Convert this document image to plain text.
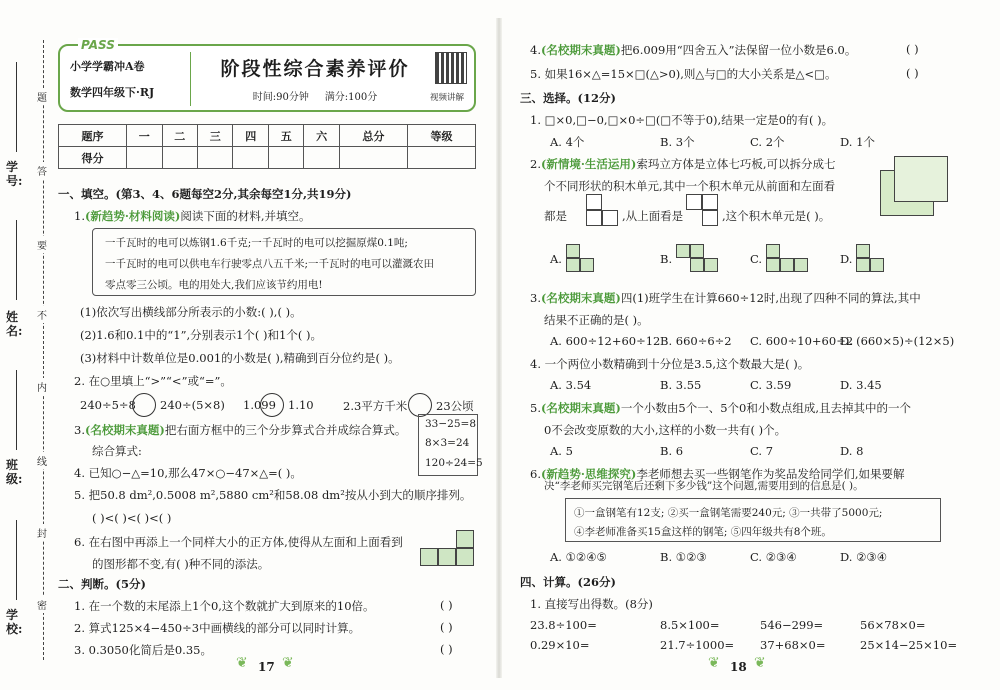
题
答
要
不
内
线
封
密
学号:
姓名:
班级:
学校:
PASS
小学学霸冲A卷
数学四年级下·RJ
阶段性综合素养评价
时间:90分钟 满分:100分	视频讲解
题序	一	二	三	四	五	六	总分	等级
得分								
一、填空。(第3、4、6题每空2分,其余每空1分,共19分)
1.(新趋势·材料阅读)阅读下面的材料,并填空。
一千瓦时的电可以炼钢1.6千克;一千瓦时的电可以挖掘原煤0.1吨;
一千瓦时的电可以供电车行驶零点八五千米;一千瓦时的电可以灌溉农田
零点零三公顷。电的用处大,我们应该节约用电!
(1)依次写出横线部分所表示的小数:( ),( )。
(2)1.6和0.1中的“1”,分别表示1个( )和1个( )。
(3)材料中计数单位是0.001的小数是( ),精确到百分位约是( )。
2. 在○里填上“>”“<”或“=”。
240÷5÷8 240÷(5×8) 1.099 1.10	2.3平方千米 23公顷
3.(名校期末真题)把右面方框中的三个分步算式合并成综合算式。
综合算式:
33−25=8
8×3=24
120÷24=5
4. 已知○−△=10,那么47×○−47×△=( )。
5. 把50.8 dm²,0.5008 m²,5880 cm²和58.08 dm²按从小到大的顺序排列。
( )<( )<( )<( )
6. 在右图中再添上一个同样大小的正方体,使得从左面和上面看到
的图形都不变,有( )种不同的添法。
二、判断。(5分)
1. 在一个数的末尾添上1个0,这个数就扩大到原来的10倍。	( )
2. 算式125×4−450÷3中画横线的部分可以同时计算。	( )
3. 0.3050化简后是0.35。	( )
❦ 17 ❦
4.(名校期末真题)把6.009用“四舍五入”法保留一位小数是6.0。	( )
5. 如果16×△=15×□(△>0),则△与□的大小关系是△<□。	( )
三、选择。(12分)
1. □×0,□−0,□×0÷□(□不等于0),结果一定是0的有( )。
A. 4个	B. 3个	C. 2个	D. 1个
2.(新情境·生活运用)索玛立方体是立体七巧板,可以拆分成七
个不同形状的积木单元,其中一个积木单元从前面和左面看
都是	,从上面看是	,这个积木单元是( )。
A.	B.	C.	D.
3.(名校期末真题)四(1)班学生在计算660÷12时,出现了四种不同的算法,其中
结果不正确的是( )。
A. 600÷12+60÷12 B. 660÷6÷2 C. 600÷10+60÷2
D. (660×5)÷(12×5)
4. 一个两位小数精确到十分位是3.5,这个数最大是( )。
A. 3.54	B. 3.55	C. 3.59	D. 3.45
5.(名校期末真题)一个小数由5个一、5个0和小数点组成,且去掉其中的一个
0不会改变原数的大小,这样的小数一共有( )个。
A. 5	B. 6	C. 7	D. 8
6.(新趋势·思维探究)李老师想去买一些钢笔作为奖品发给同学们,如果要解
决“李老师买完钢笔后还剩下多少钱”这个问题,需要用到的信息是( )。
①一盒钢笔有12支; ②买一盒钢笔需要240元; ③一共带了5000元;
④李老师准备买15盒这样的钢笔; ⑤四年级共有8个班。
A. ①②④⑤	B. ①②③	C. ②③④	D. ②③④
四、计算。(26分)
1. 直接写出得数。(8分)
23.8÷100=	8.5×100=	546−299=	56×78×0=
0.29×10=	21.7÷1000= 37+68×0=	25×14−25×10=
❦ 18 ❦
